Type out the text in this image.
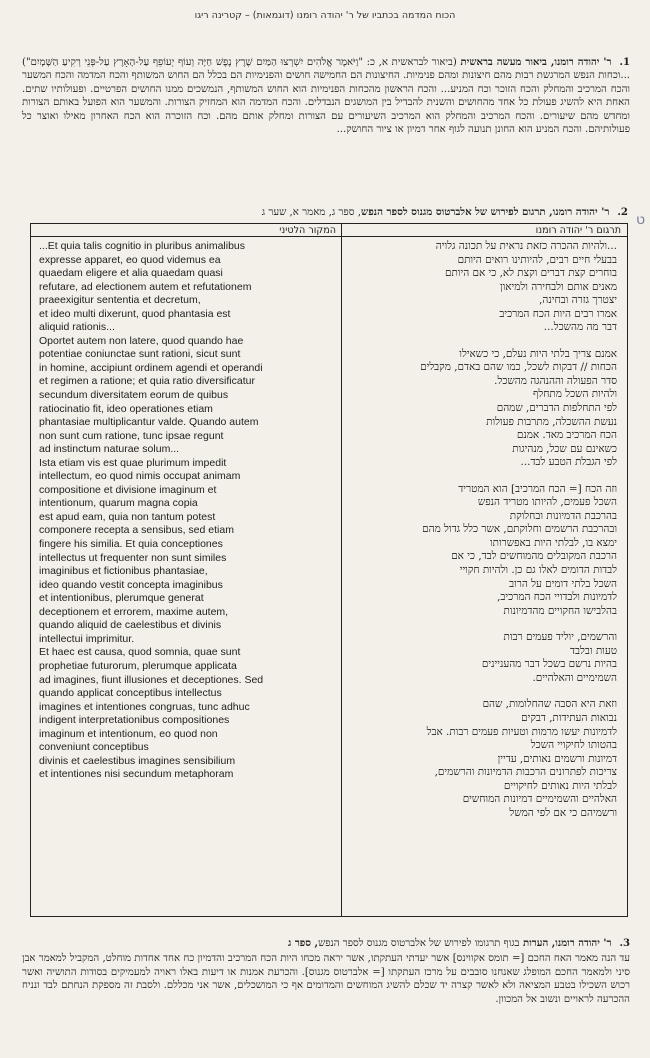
הכוח המדמה בכתביו של ר' יהודה רומנו (דוגמאות) – קטרינה ריגו
1.ר' יהודה רומנו, ביאור מעשה בראשית (ביאור לבראשית א, כ: "וַיֹּאמֶר אֱלֹהִים יִשְׁרְצוּ הַמַּיִם שֶׁרֶץ נֶפֶשׁ חַיָּה וְעוֹף יְעוֹפֵף עַל-הָאָרֶץ עַל-פְּנֵי רְקִיעַ הַשָּׁמָיִם") ...וכחות הנפש המרגשת רבות מהם חיצונות ומהם פנימיות. החיצונות הם החמישה חושים והפנימיות הם בכלל הם החוש המשותף והכח המדמה והכח המשער והכח המרכיב והמחלק והכח הזוכר וכח המניע... והכח הראשון מהכחות הפנימיות הוא החוש המשותף, הנמשכים ממנו החושים הפרטיים. ופעולותיו שתים. האחת היא להשיג פעולת כל אחד מהחושים והשנית להבדיל בין המושגים הנבדלים. והכח המדמה הוא המחזיק הצורות. והמשער הוא הפועל באותם הצורות ומחדש מהם שיעורים. והכח המרכיב והמחלק הוא המרכיב השיעורים עם הצורות ומחלק אותם מהם. וכח הזוכרה הוא הכח האחרון מאילו ואוצר כל פעולותיהם. והכח המניע הוא החונן תנועה לגוף אחר דמיון או ציור החושק...
2.ר' יהודה רומנו, תרגום לפירוש של אלברטוס מגנוס לספר הנפש, ספר ג, מאמר א, שער ג	ט
תרגום ר' יהודה רומנו
המקור הלטיני

...Et quia talis cognitio in pluribus animalibus
expresse apparet, eo quod videmus ea
quaedam eligere et alia quaedam quasi
refutare, ad electionem autem et refutationem
praeexigitur sententia et decretum,
et ideo multi dixerunt, quod phantasia est
aliquid rationis...

Oportet autem non latere, quod quando hae
potentiae coniunctae sunt rationi, sicut sunt
in homine, accipiunt ordinem agendi et operandi
et regimen a ratione; et quia ratio diversificatur
secundum diversitatem eorum de quibus
ratiocinatio fit, ideo operationes etiam
phantasiae multiplicantur valde. Quando autem
non sunt cum ratione, tunc ipsae regunt
ad instinctum naturae solum...

Ista etiam vis est quae plurimum impedit
intellectum, eo quod nimis occupat animam
compositione et divisione imaginum et
intentionum, quarum magna copia
est apud eam, quia non tantum potest
componere recepta a sensibus, sed etiam
fingere his similia. Et quia conceptiones
intellectus ut frequenter non sunt similes
imaginibus et fictionibus phantasiae,
ideo quando vestit concepta imaginibus
et intentionibus, plerumque generat
deceptionem et errorem, maxime autem,
quando aliquid de caelestibus et divinis
intellectui imprimitur.

Et haec est causa, quod somnia, quae sunt
prophetiae futurorum, plerumque applicata
ad imagines, fiunt illusiones et deceptiones. Sed
quando applicat conceptibus intellectus
imagines et intentiones congruas, tunc adhuc
indigent interpretationibus compositiones
imaginum et intentionum, eo quod non
conveniunt conceptibus
divinis et caelestibus imagines sensibilium
et intentiones nisi secundum metaphoram

...ולהיות ההכרה כזאת נראית על תכונה גלויה
בבעלי חיים רבים, להיותינו רואים היותם
בוחרים קצת דברים וקצת לא, כי אם היותם
מאנים אותם ולבחירה ולמיאון
יצטרך גזרה ובחינה,
אמרו רבים היות הכח המרכיב
דבר מה מהשכל...

אמנם צריך בלתי היות נעלם, כי כשאילו
הכחות // דבקות לשכל, כמו שהם באדם, מקבלים
סדר הפעולה וההנהגה מהשכל.
ולהיות השכל מתחלף
לפי התחלפות הדברים, שמהם
נעשת ההשכלה, מתרבות פעולות
הכח המרכיב מאד. אמנם
כשאינם עם שכל, מנהיגות
לפי הגבלת הטבע לבד...

וזה הכח [= הכח המרכיב] הוא המטריד
השכל פעמים, להיותו מטריד הנפש
בהרכבת הדמיונות ובחלוקת
ובהרכבת הרשמים וחלוקתם, אשר כלל גדול מהם
ימצא בו, לבלתי היות באפשרותו
הרכבת המקובלים מהמוחשים לבד, כי אם
לבדות הדומים לאלו גם כן. ולהיות חקויי
השכל בלתי דומים על הרוב
לדמיונות ולבדויי הכח המרכיב,
בהלבישו החקויים מהדמיונות

והרשמים, יוליד פעמים רבות
טעות ובלבד
בהיות נרשם בשכל דבר מהעניינים
השמימיים והאלהיים.

וזאת היא הסבה שהחלומות, שהם
נבואות העתידות, דבקים
לדמיונות יעשו מרמות וטעיות פעמים רבות. אבל
בהטותו לחיקויי השכל
דמיונות ורשמים נאותים, עדיין
צריכות לפתרונים הרכבות הדמיונות והרשמים,
לבלתי היות נאותים לחיקויים
האלהיים והשמימיים דמיונות המוחשים
ורשמיהם כי אם לפי המשל

3.ר' יהודה רומנו, הערות בגוף תרגומו לפירוש של אלברטוס מגנוס לספר הנפש, ספר ג
עד הנה מאמר האח החכם [= תומס אקווינס] אשר יעדתי העתקתו, אשר יראה מכחו היות הכח המרכיב והדמיון כח אחד אחדות מוחלט, המקביל למאמר אבן סיני ולמאמר החכם המופלג שאנחנו סובבים על מרכז העתקתו [= אלברטוס מגנוס]. והכרעת אמנות או דיעות באלו ראויה למעמיקים בסודות התושיה ואשר רכוש השכילו בטבע המציאה ולא לאשר קצרה יד שכלם להשיג המוחשים והמדומים אף כי המושכלים, אשר אני מכללם. ולסבת זה מספקת הנחתם לבד ונניח ההכרעה לראויים ונשוב אל המכוון.
